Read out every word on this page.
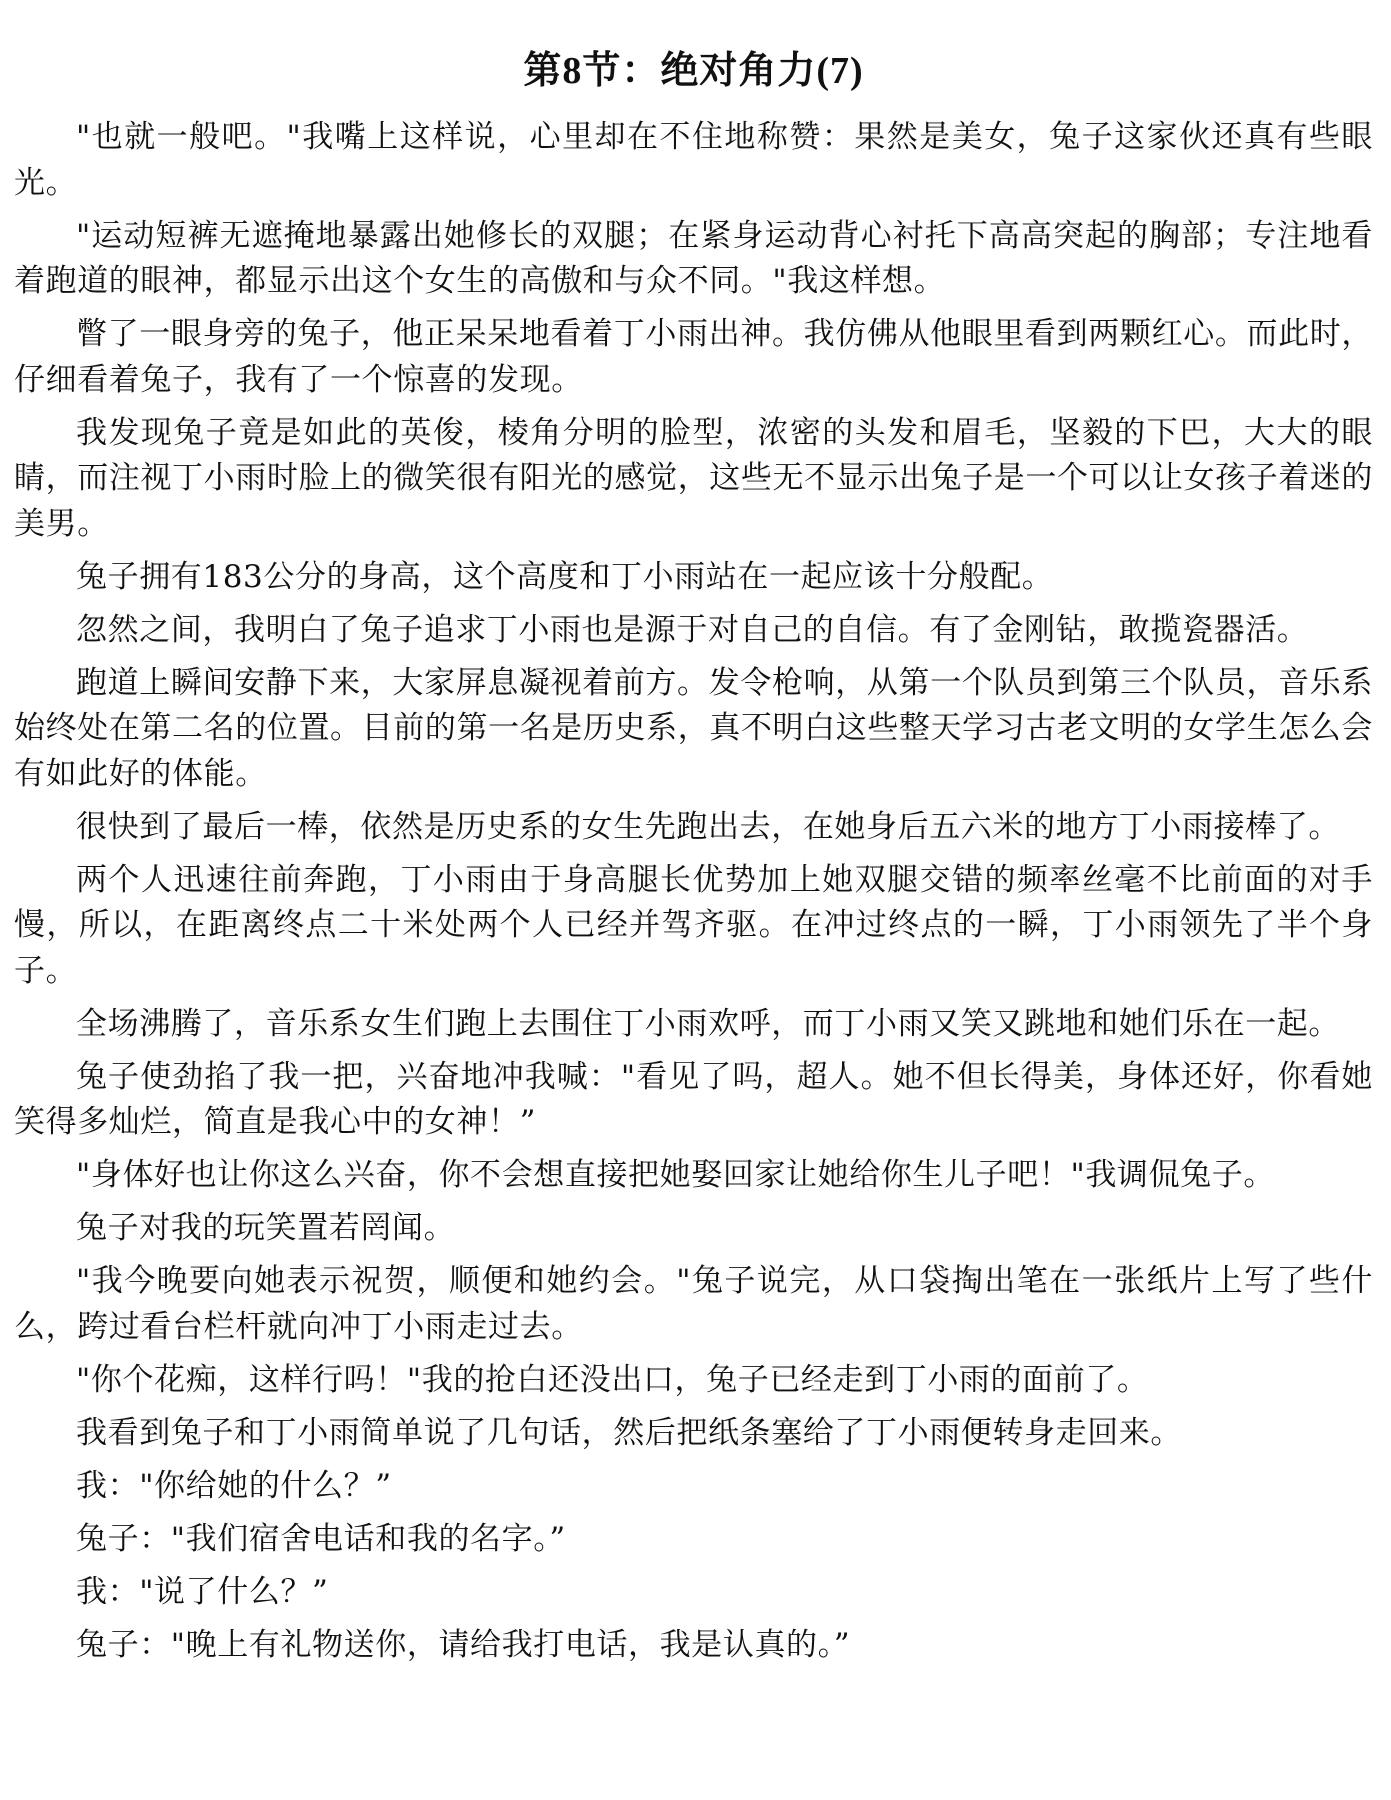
第8节：绝对角力(7)

"也就一般吧。"我嘴上这样说，心里却在不住地称赞：果然是美女，兔子这家伙还真有些眼光。

"运动短裤无遮掩地暴露出她修长的双腿；在紧身运动背心衬托下高高突起的胸部；专注地看着跑道的眼神，都显示出这个女生的高傲和与众不同。"我这样想。

瞥了一眼身旁的兔子，他正呆呆地看着丁小雨出神。我仿佛从他眼里看到两颗红心。而此时，仔细看着兔子，我有了一个惊喜的发现。

我发现兔子竟是如此的英俊，棱角分明的脸型，浓密的头发和眉毛，坚毅的下巴，大大的眼睛，而注视丁小雨时脸上的微笑很有阳光的感觉，这些无不显示出兔子是一个可以让女孩子着迷的美男。

兔子拥有183公分的身高，这个高度和丁小雨站在一起应该十分般配。

忽然之间，我明白了兔子追求丁小雨也是源于对自己的自信。有了金刚钻，敢揽瓷器活。

跑道上瞬间安静下来，大家屏息凝视着前方。发令枪响，从第一个队员到第三个队员，音乐系始终处在第二名的位置。目前的第一名是历史系，真不明白这些整天学习古老文明的女学生怎么会有如此好的体能。

很快到了最后一棒，依然是历史系的女生先跑出去，在她身后五六米的地方丁小雨接棒了。

两个人迅速往前奔跑，丁小雨由于身高腿长优势加上她双腿交错的频率丝毫不比前面的对手慢，所以，在距离终点二十米处两个人已经并驾齐驱。在冲过终点的一瞬，丁小雨领先了半个身子。

全场沸腾了，音乐系女生们跑上去围住丁小雨欢呼，而丁小雨又笑又跳地和她们乐在一起。

兔子使劲掐了我一把，兴奋地冲我喊："看见了吗，超人。她不但长得美，身体还好，你看她笑得多灿烂，简直是我心中的女神！”

"身体好也让你这么兴奋，你不会想直接把她娶回家让她给你生儿子吧！"我调侃兔子。

兔子对我的玩笑置若罔闻。

"我今晚要向她表示祝贺，顺便和她约会。"兔子说完，从口袋掏出笔在一张纸片上写了些什么，跨过看台栏杆就向冲丁小雨走过去。

"你个花痴，这样行吗！"我的抢白还没出口，兔子已经走到丁小雨的面前了。

我看到兔子和丁小雨简单说了几句话，然后把纸条塞给了丁小雨便转身走回来。

我："你给她的什么？”

兔子："我们宿舍电话和我的名字。”

我："说了什么？”

兔子："晚上有礼物送你，请给我打电话，我是认真的。”
